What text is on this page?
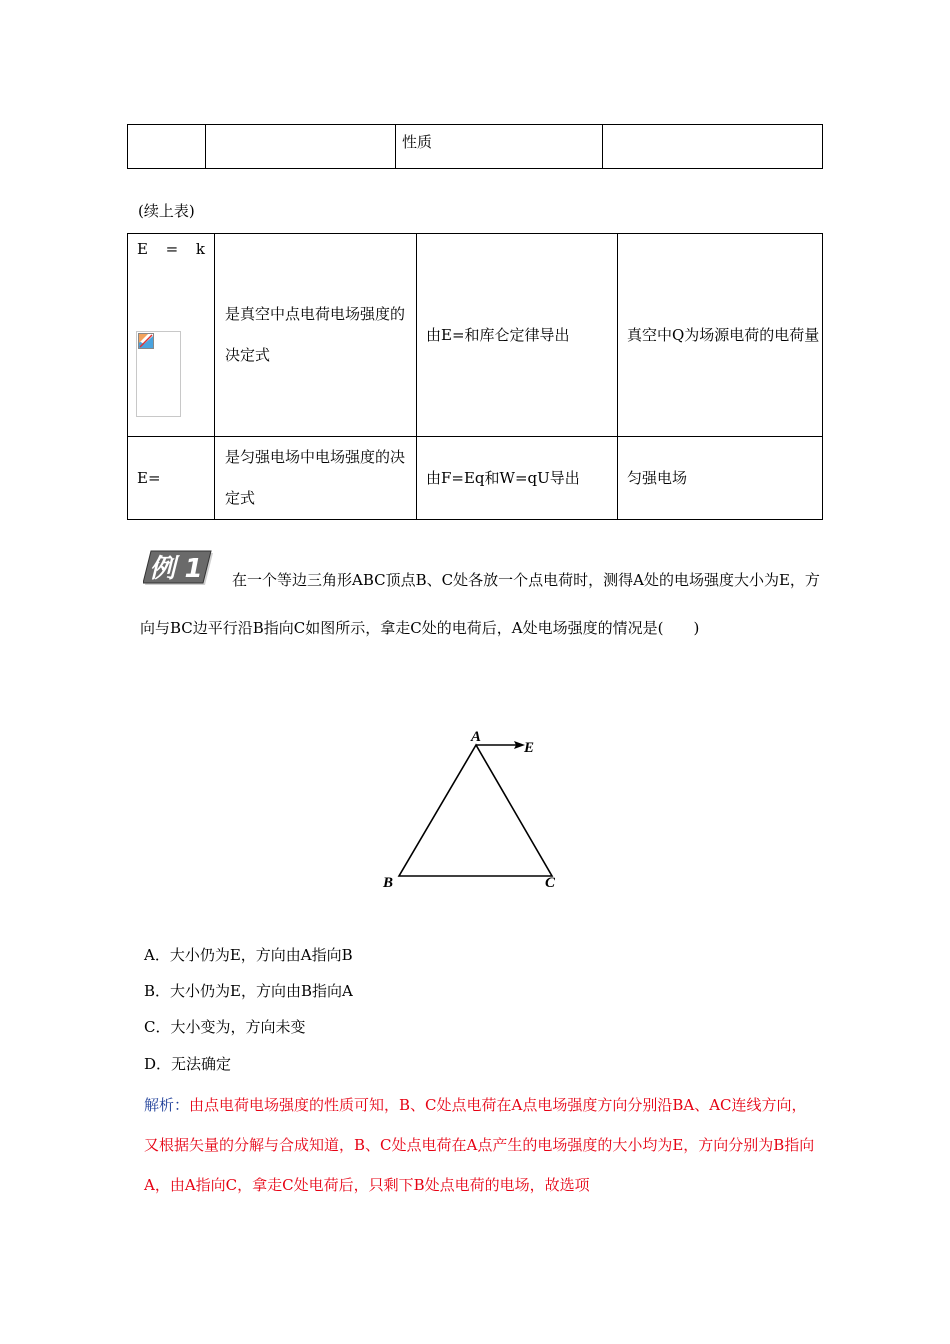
		性质	
(续上表)
E = k	是真空中点电荷电场强度的决定式	由E=和库仑定律导出	真空中Q为场源电荷的电荷量
E=	是匀强电场中电场强度的决定式	由F=Eq和W=qU导出	匀强电场
例 1	在一个等边三角形ABC顶点B、C处各放一个点电荷时，测得A处的电场强度大小为E，方向与BC边平行沿B指向C如图所示，拿走C处的电荷后，A处电场强度的情况是(　　)
A
E
B	C
A．大小仍为E，方向由A指向B
B．大小仍为E，方向由B指向A
C．大小变为，方向未变
D．无法确定
解析：由点电荷电场强度的性质可知，B、C处点电荷在A点电场强度方向分别沿BA、AC连线方向，又根据矢量的分解与合成知道，B、C处点电荷在A点产生的电场强度的大小均为E，方向分别为B指向A，由A指向C，拿走C处电荷后，只剩下B处点电荷的电场，故选项
